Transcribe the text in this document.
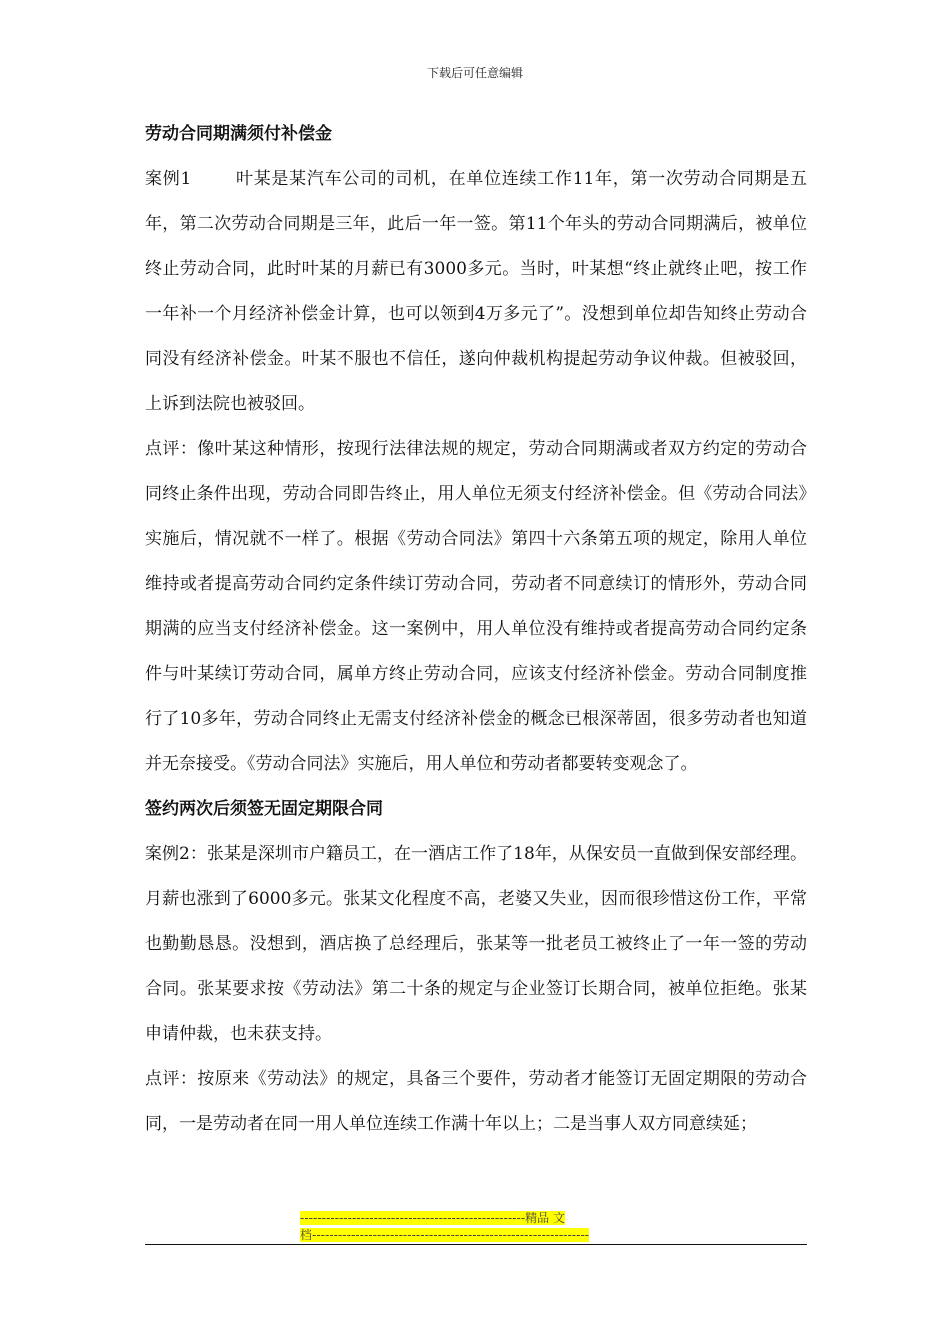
下载后可任意编辑

劳动合同期满须付补偿金

案例1	叶某是某汽车公司的司机，在单位连续工作11年，第一次劳动合同期是五年，第二次劳动合同期是三年，此后一年一签。第11个年头的劳动合同期满后，被单位终止劳动合同，此时叶某的月薪已有3000多元。当时，叶某想“终止就终止吧，按工作一年补一个月经济补偿金计算，也可以领到4万多元了”。没想到单位却告知终止劳动合同没有经济补偿金。叶某不服也不信任，遂向仲裁机构提起劳动争议仲裁。但被驳回，上诉到法院也被驳回。

点评：像叶某这种情形，按现行法律法规的规定，劳动合同期满或者双方约定的劳动合同终止条件出现，劳动合同即告终止，用人单位无须支付经济补偿金。但《劳动合同法》实施后，情况就不一样了。根据《劳动合同法》第四十六条第五项的规定，除用人单位维持或者提高劳动合同约定条件续订劳动合同，劳动者不同意续订的情形外，劳动合同期满的应当支付经济补偿金。这一案例中，用人单位没有维持或者提高劳动合同约定条件与叶某续订劳动合同，属单方终止劳动合同，应该支付经济补偿金。劳动合同制度推行了10多年，劳动合同终止无需支付经济补偿金的概念已根深蒂固，很多劳动者也知道并无奈接受。《劳动合同法》实施后，用人单位和劳动者都要转变观念了。

签约两次后须签无固定期限合同

案例2：张某是深圳市户籍员工，在一酒店工作了18年，从保安员一直做到保安部经理。月薪也涨到了6000多元。张某文化程度不高，老婆又失业，因而很珍惜这份工作，平常也勤勤恳恳。没想到，酒店换了总经理后，张某等一批老员工被终止了一年一签的劳动合同。张某要求按《劳动法》第二十条的规定与企业签订长期合同，被单位拒绝。张某申请仲裁，也未获支持。

点评：按原来《劳动法》的规定，具备三个要件，劳动者才能签订无固定期限的劳动合同，一是劳动者在同一用人单位连续工作满十年以上；二是当事人双方同意续延；

----------------------------------------------------精品 文
档----------------------------------------------------------------
